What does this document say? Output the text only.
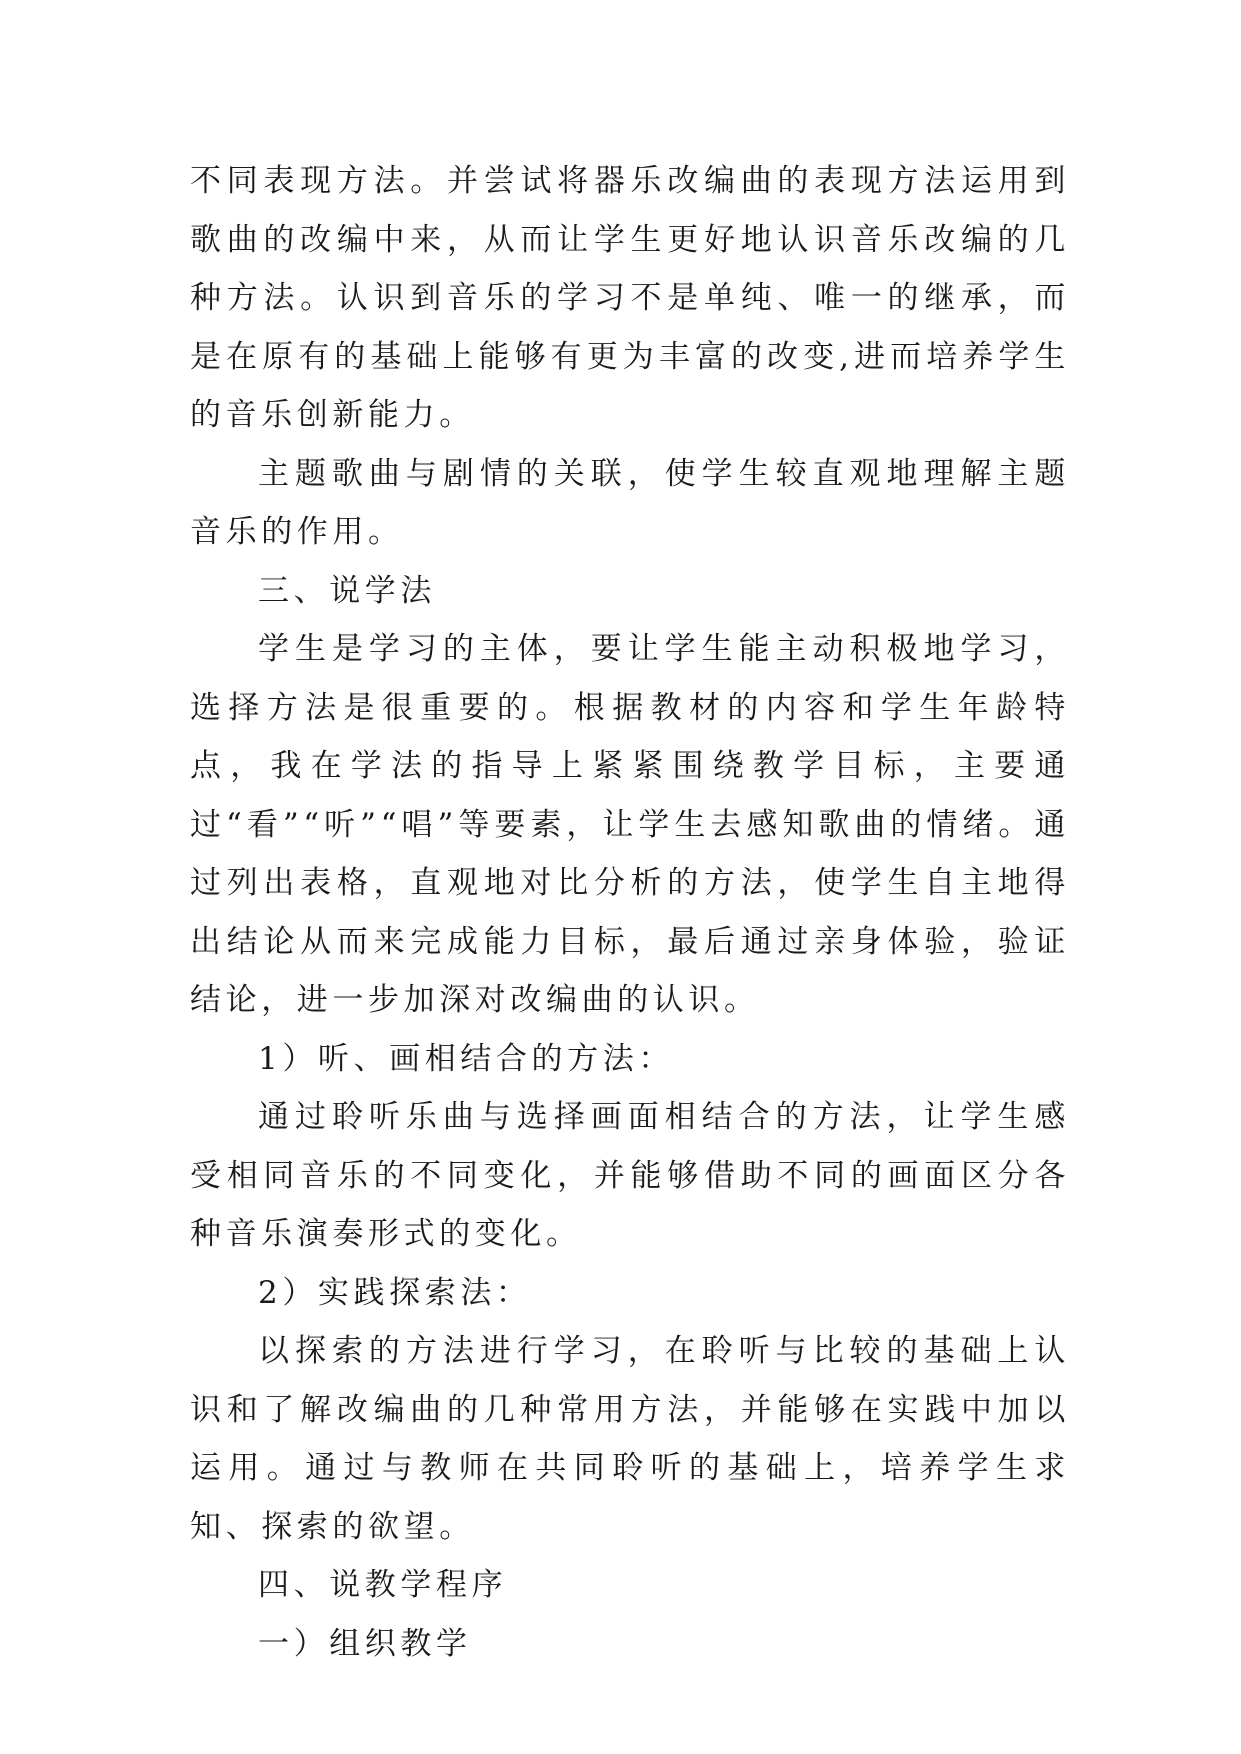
不同表现方法。并尝试将器乐改编曲的表现方法运用到歌曲的改编中来，从而让学生更好地认识音乐改编的几种方法。认识到音乐的学习不是单纯、唯一的继承，而是在原有的基础上能够有更为丰富的改变,进而培养学生的音乐创新能力。

主题歌曲与剧情的关联，使学生较直观地理解主题音乐的作用。

三、说学法

学生是学习的主体，要让学生能主动积极地学习，选择方法是很重要的。根据教材的内容和学生年龄特点，我在学法的指导上紧紧围绕教学目标，主要通过“看”“听”“唱”等要素，让学生去感知歌曲的情绪。通过列出表格，直观地对比分析的方法，使学生自主地得出结论从而来完成能力目标，最后通过亲身体验，验证结论，进一步加深对改编曲的认识。

1）听、画相结合的方法：

通过聆听乐曲与选择画面相结合的方法，让学生感受相同音乐的不同变化，并能够借助不同的画面区分各种音乐演奏形式的变化。

2）实践探索法：

以探索的方法进行学习，在聆听与比较的基础上认识和了解改编曲的几种常用方法，并能够在实践中加以运用。通过与教师在共同聆听的基础上，培养学生求知、探索的欲望。

四、说教学程序

一）组织教学
